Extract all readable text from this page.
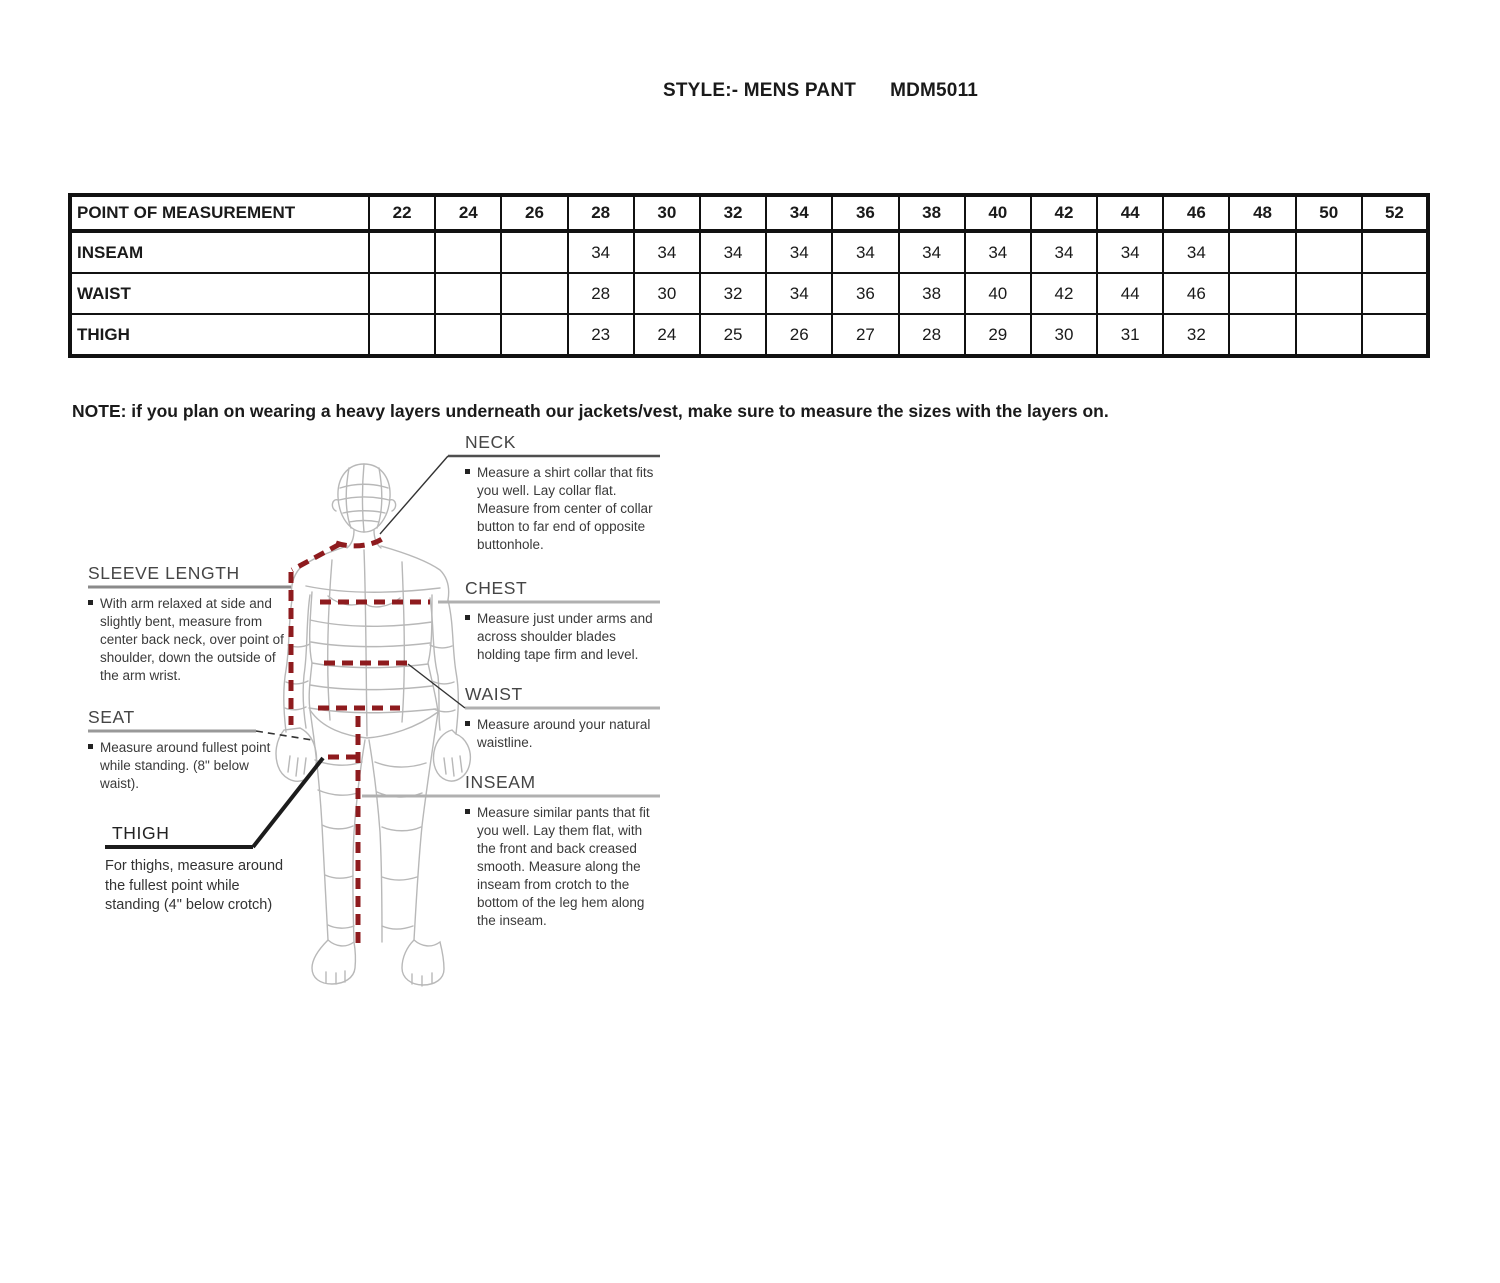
STYLE:- MENS PANT MDM5011
POINT OF MEASUREMENT	22	24	26	28	30	32	34	36	38	40	42	44	46	48	50	52
INSEAM				34	34	34	34	34	34	34	34	34	34			
WAIST				28	30	32	34	36	38	40	42	44	46			
THIGH				23	24	25	26	27	28	29	30	31	32			

NOTE: if you plan on wearing a heavy layers underneath our jackets/vest, make sure to measure the sizes with the layers on.

NECK
Measure a shirt collar that fits you well. Lay collar flat. Measure from center of collar button to far end of opposite buttonhole.
CHEST
Measure just under arms and across shoulder blades holding tape firm and level.
WAIST
Measure around your natural waistline.
INSEAM
Measure similar pants that fit you well. Lay them flat, with the front and back creased smooth. Measure along the inseam from crotch to the bottom of the leg hem along the inseam.
SLEEVE LENGTH
With arm relaxed at side and slightly bent, measure from center back neck, over point of shoulder, down the outside of the arm wrist.
SEAT
Measure around fullest point while standing. (8" below waist).
THIGH
For thighs, measure around the fullest point while standing (4" below crotch)
